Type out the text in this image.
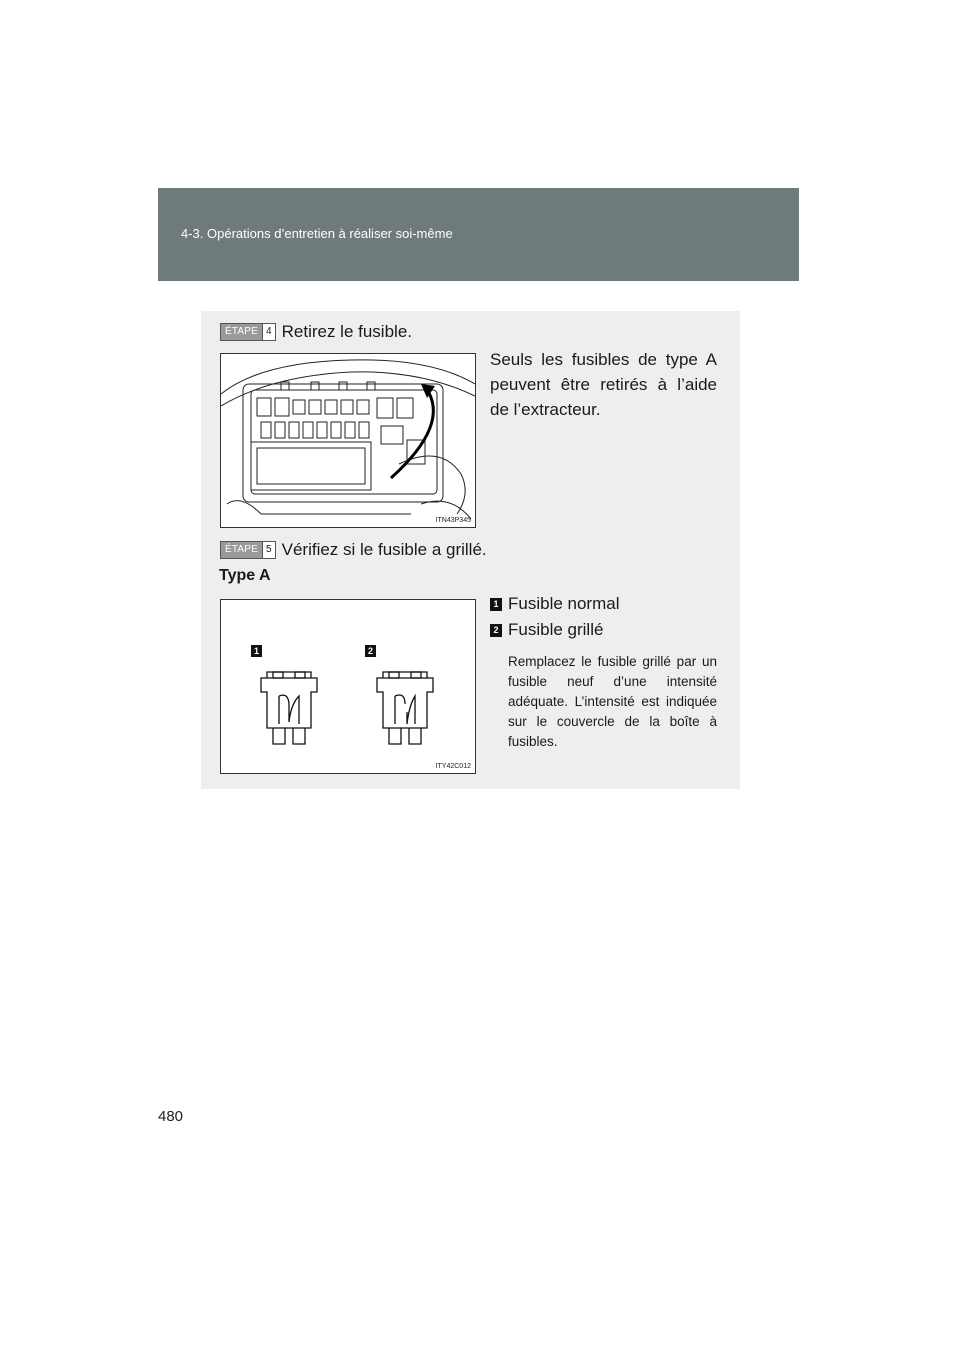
4-3. Opérations d’entretien à réaliser soi-même
ÉTAPE 4 Retirez le fusible.
ITN43P345
Seuls les fusibles de type A peuvent être retirés à l’aide de l’extracteur.
ÉTAPE 5 Vérifiez si le fusible a grillé.
Type A
1	2
ITY42C012
1 Fusible normal
2 Fusible grillé
Remplacez le fusible grillé par un fusible neuf d’une intensité adéquate. L’intensité est indiquée sur le couvercle de la boîte à fusibles.
480
